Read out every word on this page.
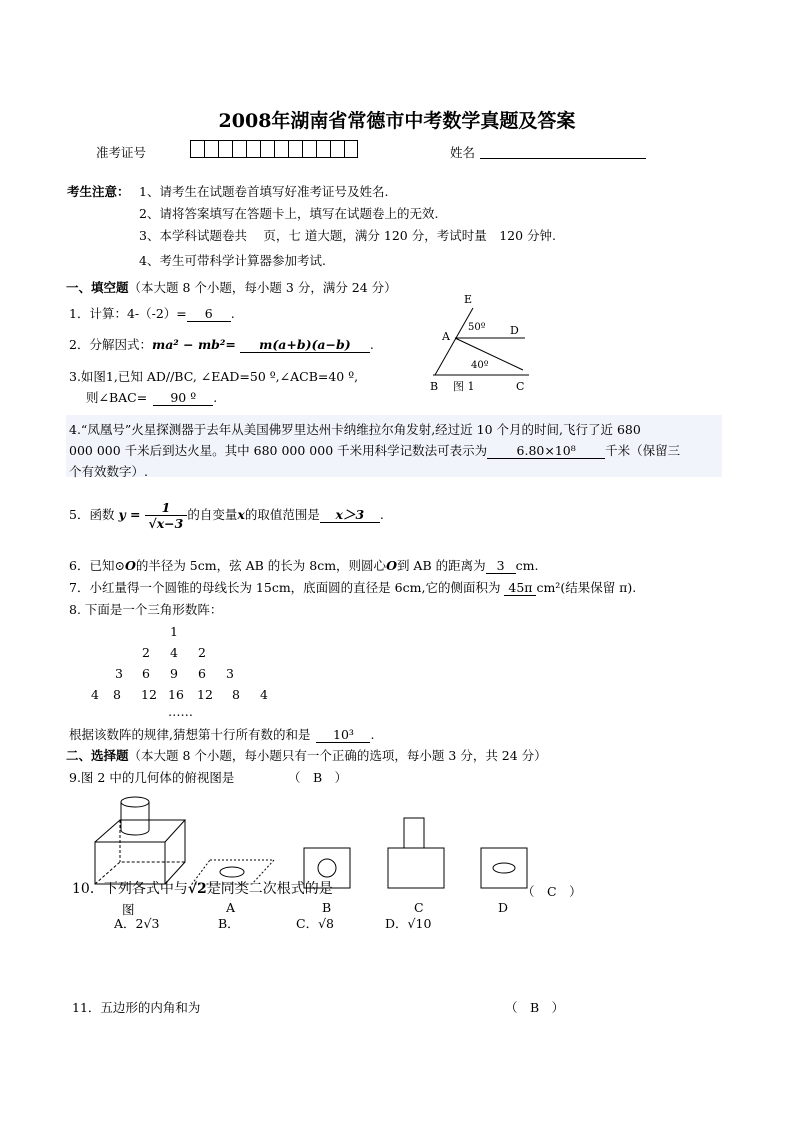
2008年湖南省常德市中考数学真题及答案
准考证号	姓名
考生注意： 1、请考生在试题卷首填写好准考证号及姓名.
2、请将答案填写在答题卡上，填写在试题卷上的无效.
3、本学科试题卷共　 页，七 道大题，满分 120 分，考试时量　120 分钟.
4、考生可带科学计算器参加考试.
一、填空题（本大题 8 个小题，每小题 3 分，满分 24 分）
1．计算：4-（-2）= 6 .
2．分解因式：ma² − mb²= m(a+b)(a−b) .
3.如图1,已知 AD//BC, ∠EAD=50 º,∠ACB=40 º,
则∠BAC= 90 º .
E
A	D
B	C
50º
40º
图 1
4.“凤凰号”火星探测器于去年从美国佛罗里达州卡纳维拉尔角发射,经过近 10 个月的时间,飞行了近 680
000 000 千米后到达火星。其中 680 000 000 千米用科学记数法可表示为 6.80×10⁸ 千米（保留三
个有效数字）.
5．函数 $y = \frac{1}{√x-3}$ 的自变量x的取值范围是 x＞3 .
6．已知⊙O的半径为 5cm，弦 AB 的长为 8cm，则圆心O到 AB 的距离为 3 cm.
7．小红量得一个圆锥的母线长为 15cm，底面圆的直径是 6cm,它的侧面积为 45π cm²(结果保留 π).
8. 下面是一个三角形数阵：
1
2 4 2
3 6 9 6 3
4 8 12 16 12 8 4
……
根据该数阵的规律,猜想第十行所有数的和是 10³ .
二、选择题（本大题 8 个小题，每小题只有一个正确的选项，每小题 3 分，共 24 分）
9.图 2 中的几何体的俯视图是	（　B　）
图	A	B	C	D
10．下列各式中与√2是同类二次根式的是	（　C　）
A．2√3	B．	C．√8	D．√10
11．五边形的内角和为	（　B　）
